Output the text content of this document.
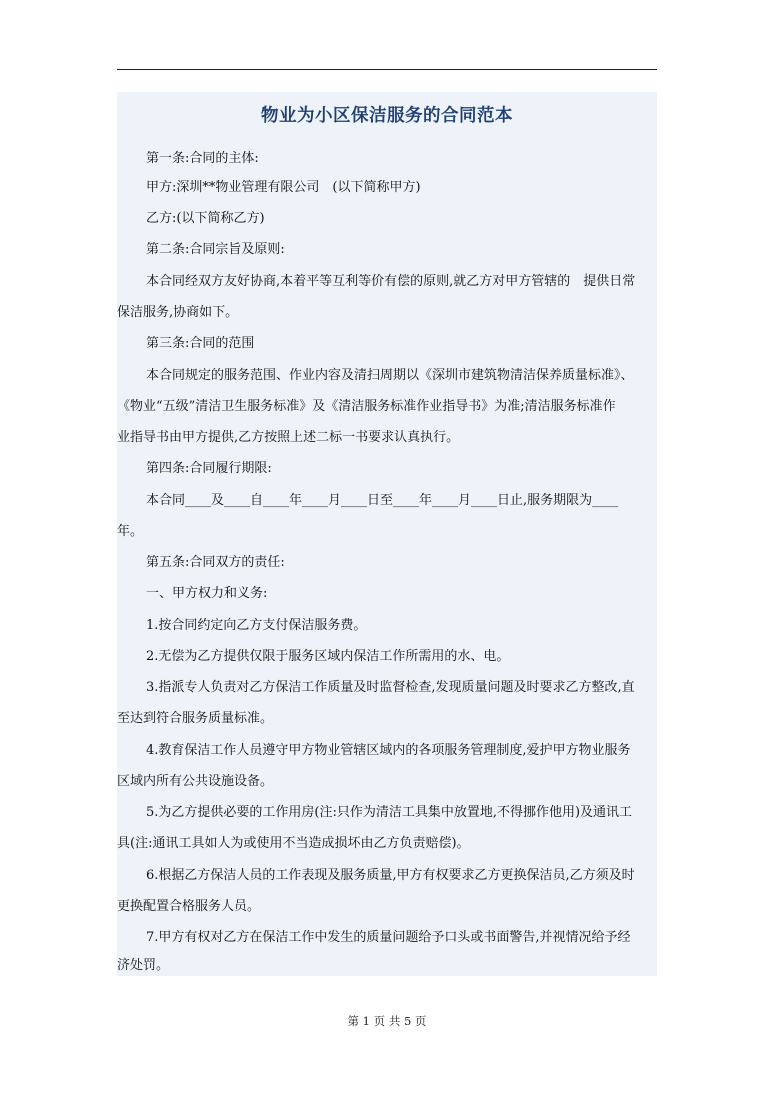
物业为小区保洁服务的合同范本
第一条:合同的主体:
甲方:深圳**物业管理有限公司　(以下简称甲方)
乙方:(以下简称乙方)
第二条:合同宗旨及原则:
本合同经双方友好协商,本着平等互利等价有偿的原则,就乙方对甲方管辖的　提供日常
保洁服务,协商如下。
第三条:合同的范围
本合同规定的服务范围、作业内容及清扫周期以《深圳市建筑物清洁保养质量标准》、
《物业“五级”清洁卫生服务标准》及《清洁服务标准作业指导书》为准;清洁服务标准作
业指导书由甲方提供,乙方按照上述二标一书要求认真执行。
第四条:合同履行期限:
本合同____及____自____年____月____日至____年____月____日止,服务期限为____
年。
第五条:合同双方的责任:
一、甲方权力和义务:
1.按合同约定向乙方支付保洁服务费。
2.无偿为乙方提供仅限于服务区域内保洁工作所需用的水、电。
3.指派专人负责对乙方保洁工作质量及时监督检查,发现质量问题及时要求乙方整改,直
至达到符合服务质量标准。
4.教育保洁工作人员遵守甲方物业管辖区域内的各项服务管理制度,爱护甲方物业服务
区域内所有公共设施设备。
5.为乙方提供必要的工作用房(注:只作为清洁工具集中放置地,不得挪作他用)及通讯工
具(注:通讯工具如人为或使用不当造成损坏由乙方负责赔偿)。
6.根据乙方保洁人员的工作表现及服务质量,甲方有权要求乙方更换保洁员,乙方须及时
更换配置合格服务人员。
7.甲方有权对乙方在保洁工作中发生的质量问题给予口头或书面警告,并视情况给予经
济处罚。
第 1 页 共 5 页
